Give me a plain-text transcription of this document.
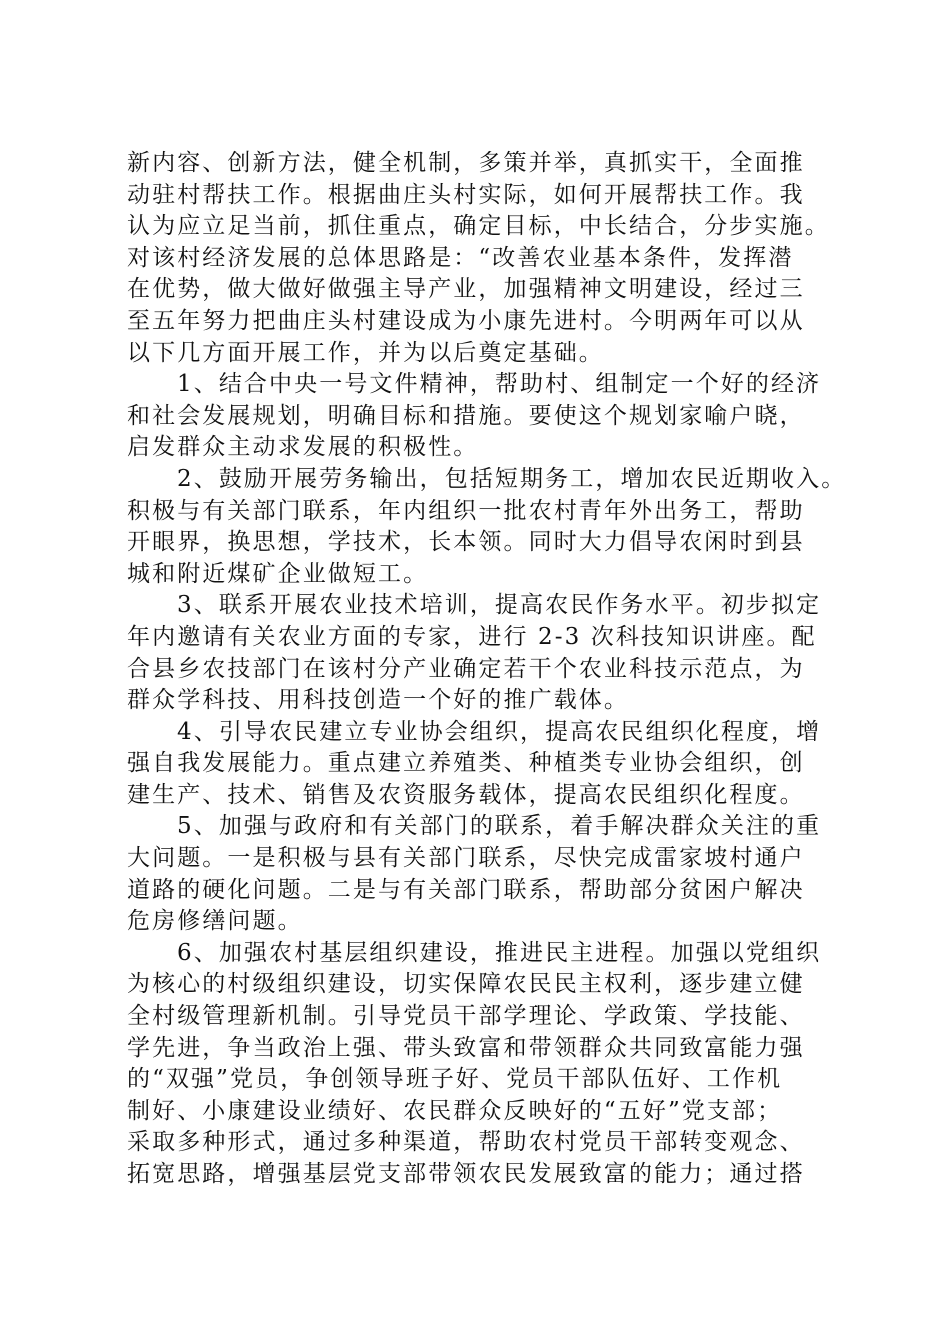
新内容、创新方法，健全机制，多策并举，真抓实干，全面推
动驻村帮扶工作。根据曲庄头村实际，如何开展帮扶工作。我
认为应立足当前，抓住重点，确定目标，中长结合，分步实施。
对该村经济发展的总体思路是：“改善农业基本条件，发挥潜
在优势，做大做好做强主导产业，加强精神文明建设，经过三
至五年努力把曲庄头村建设成为小康先进村。今明两年可以从
以下几方面开展工作，并为以后奠定基础。
1、结合中央一号文件精神，帮助村、组制定一个好的经济
和社会发展规划，明确目标和措施。要使这个规划家喻户晓，
启发群众主动求发展的积极性。
2、鼓励开展劳务输出，包括短期务工，增加农民近期收入。
积极与有关部门联系，年内组织一批农村青年外出务工，帮助
开眼界，换思想，学技术，长本领。同时大力倡导农闲时到县
城和附近煤矿企业做短工。
3、联系开展农业技术培训，提高农民作务水平。初步拟定
年内邀请有关农业方面的专家，进行 2-3 次科技知识讲座。配
合县乡农技部门在该村分产业确定若干个农业科技示范点，为
群众学科技、用科技创造一个好的推广载体。
4、引导农民建立专业协会组织，提高农民组织化程度，增
强自我发展能力。重点建立养殖类、种植类专业协会组织，创
建生产、技术、销售及农资服务载体，提高农民组织化程度。
5、加强与政府和有关部门的联系，着手解决群众关注的重
大问题。一是积极与县有关部门联系，尽快完成雷家坡村通户
道路的硬化问题。二是与有关部门联系，帮助部分贫困户解决
危房修缮问题。
6、加强农村基层组织建设，推进民主进程。加强以党组织
为核心的村级组织建设，切实保障农民民主权利，逐步建立健
全村级管理新机制。引导党员干部学理论、学政策、学技能、
学先进，争当政治上强、带头致富和带领群众共同致富能力强
的“双强”党员，争创领导班子好、党员干部队伍好、工作机
制好、小康建设业绩好、农民群众反映好的“五好”党支部；
采取多种形式，通过多种渠道，帮助农村党员干部转变观念、
拓宽思路，增强基层党支部带领农民发展致富的能力；通过搭
